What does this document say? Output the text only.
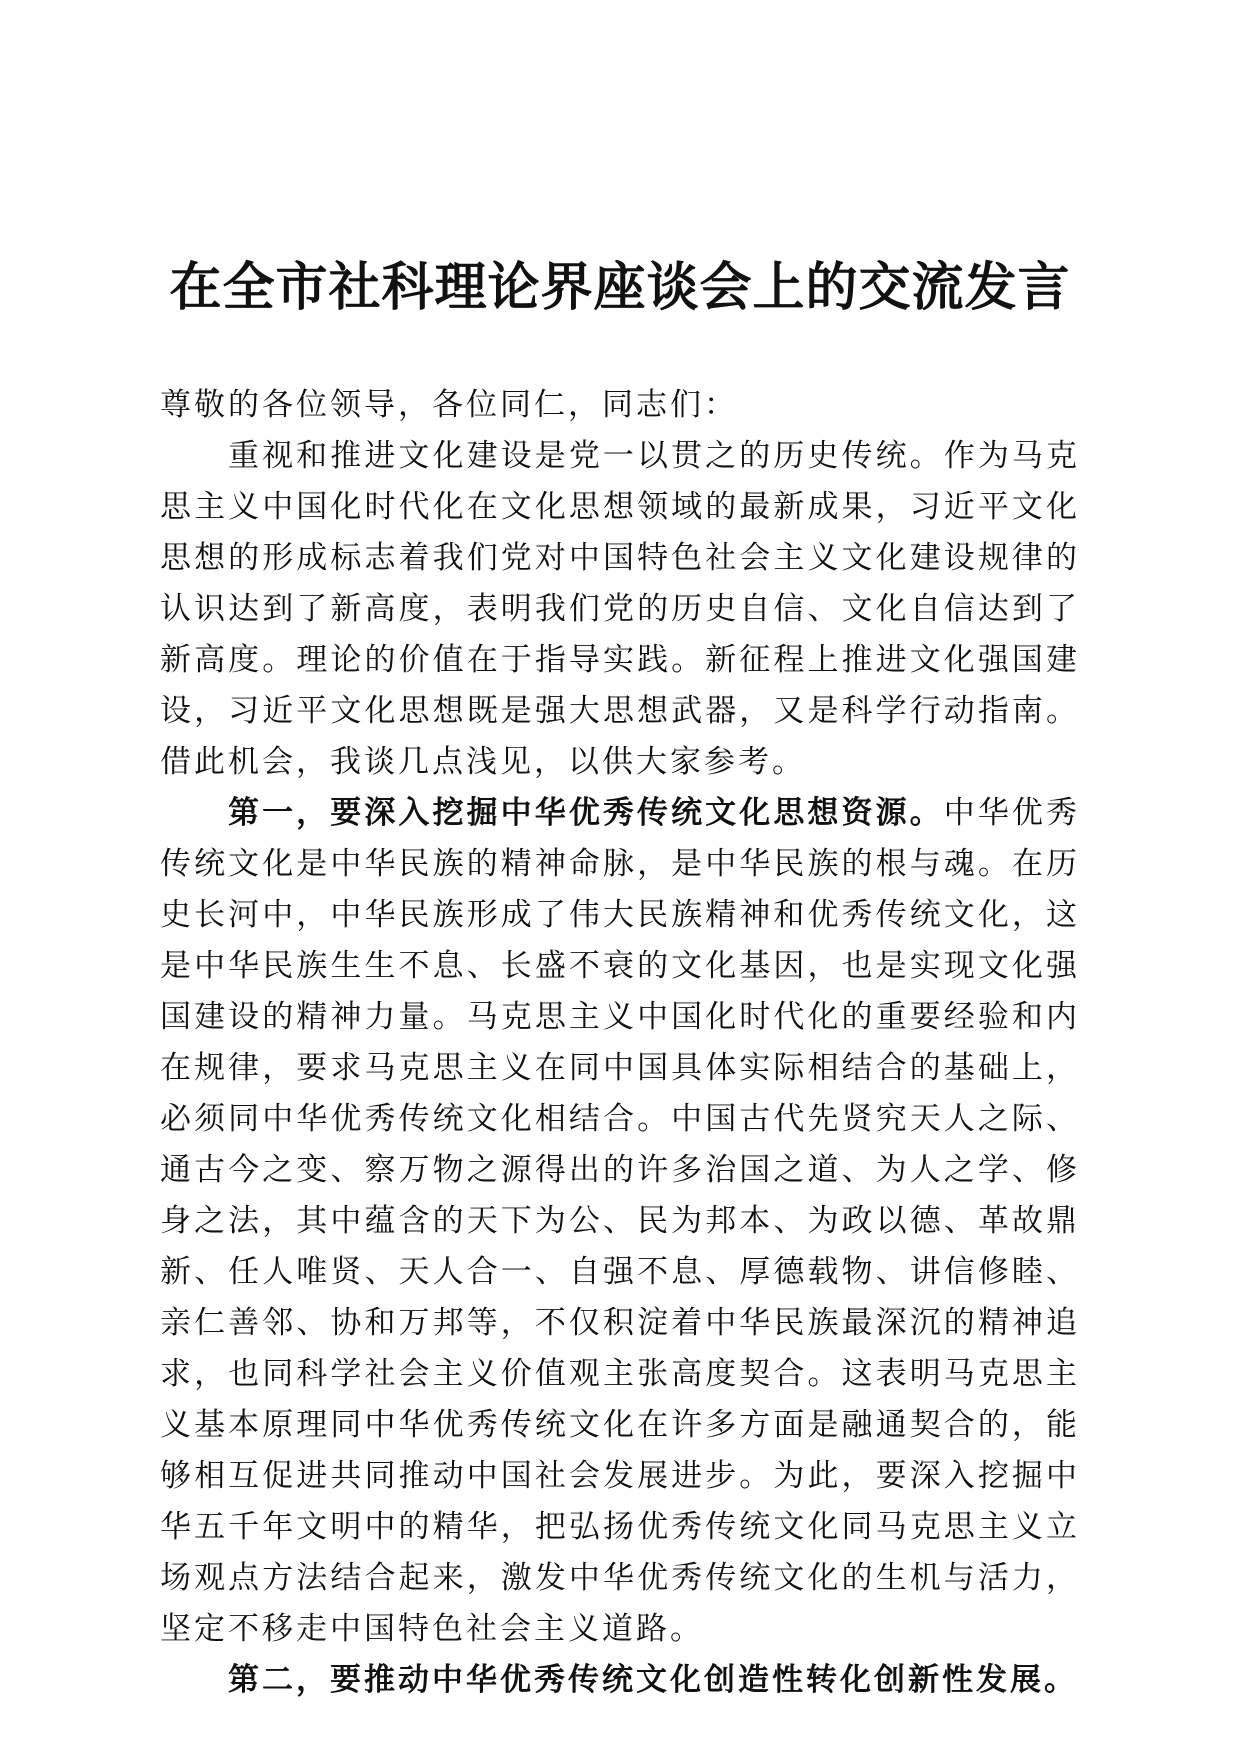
在全市社科理论界座谈会上的交流发言

尊敬的各位领导，各位同仁，同志们：

重视和推进文化建设是党一以贯之的历史传统。作为马克思主义中国化时代化在文化思想领域的最新成果，习近平文化思想的形成标志着我们党对中国特色社会主义文化建设规律的认识达到了新高度，表明我们党的历史自信、文化自信达到了新高度。理论的价值在于指导实践。新征程上推进文化强国建设，习近平文化思想既是强大思想武器，又是科学行动指南。借此机会，我谈几点浅见，以供大家参考。

第一，要深入挖掘中华优秀传统文化思想资源。中华优秀传统文化是中华民族的精神命脉，是中华民族的根与魂。在历史长河中，中华民族形成了伟大民族精神和优秀传统文化，这是中华民族生生不息、长盛不衰的文化基因，也是实现文化强国建设的精神力量。马克思主义中国化时代化的重要经验和内在规律，要求马克思主义在同中国具体实际相结合的基础上，必须同中华优秀传统文化相结合。中国古代先贤究天人之际、通古今之变、察万物之源得出的许多治国之道、为人之学、修身之法，其中蕴含的天下为公、民为邦本、为政以德、革故鼎新、任人唯贤、天人合一、自强不息、厚德载物、讲信修睦、亲仁善邻、协和万邦等，不仅积淀着中华民族最深沉的精神追求，也同科学社会主义价值观主张高度契合。这表明马克思主义基本原理同中华优秀传统文化在许多方面是融通契合的，能够相互促进共同推动中国社会发展进步。为此，要深入挖掘中华五千年文明中的精华，把弘扬优秀传统文化同马克思主义立场观点方法结合起来，激发中华优秀传统文化的生机与活力，坚定不移走中国特色社会主义道路。

第二，要推动中华优秀传统文化创造性转化创新性发展。
